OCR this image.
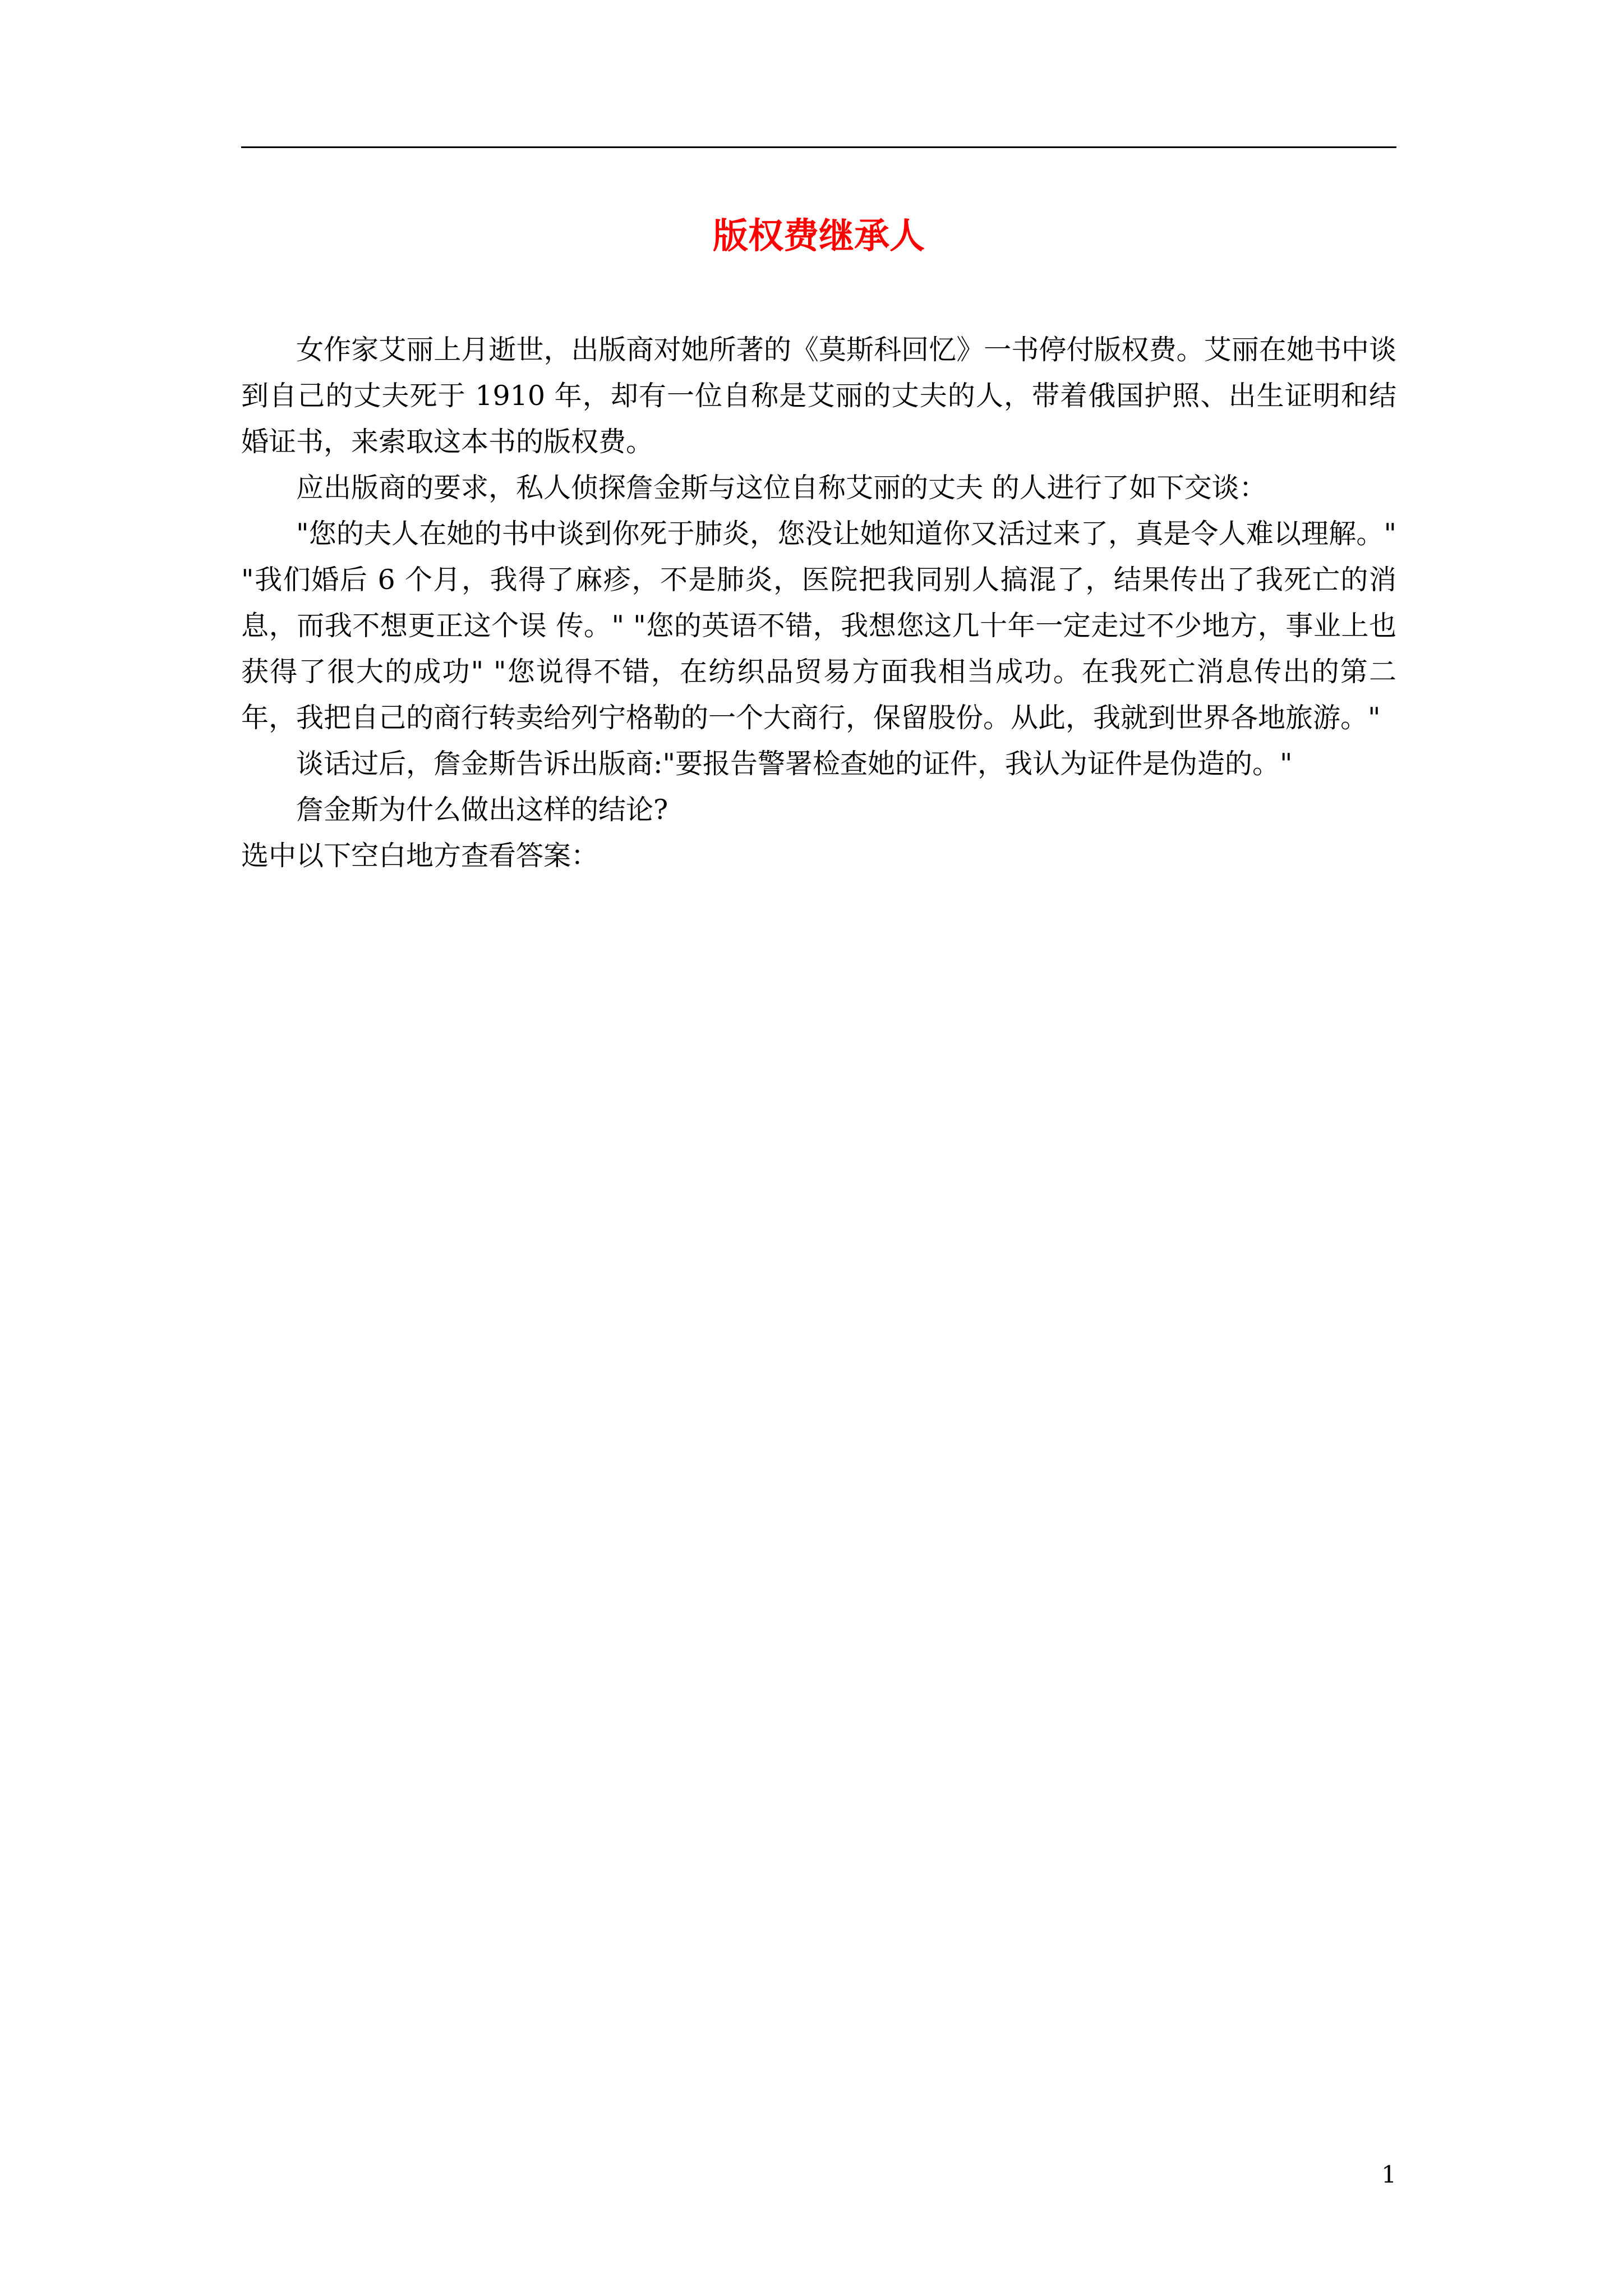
版权费继承人

女作家艾丽上月逝世，出版商对她所著的《莫斯科回忆》一书停付版权费。艾丽在她书中谈到自己的丈夫死于 1910 年，却有一位自称是艾丽的丈夫的人，带着俄国护照、出生证明和结婚证书，来索取这本书的版权费。

应出版商的要求，私人侦探詹金斯与这位自称艾丽的丈夫 的人进行了如下交谈：

"您的夫人在她的书中谈到你死于肺炎，您没让她知道你又活过来了，真是令人难以理解。" "我们婚后 6 个月，我得了麻疹，不是肺炎，医院把我同别人搞混了，结果传出了我死亡的消息，而我不想更正这个误 传。" "您的英语不错，我想您这几十年一定走过不少地方，事业上也获得了很大的成功" "您说得不错，在纺织品贸易方面我相当成功。在我死亡消息传出的第二年，我把自己的商行转卖给列宁格勒的一个大商行，保留股份。从此，我就到世界各地旅游。"

谈话过后，詹金斯告诉出版商:"要报告警署检查她的证件，我认为证件是伪造的。"

詹金斯为什么做出这样的结论?

选中以下空白地方查看答案：

1
